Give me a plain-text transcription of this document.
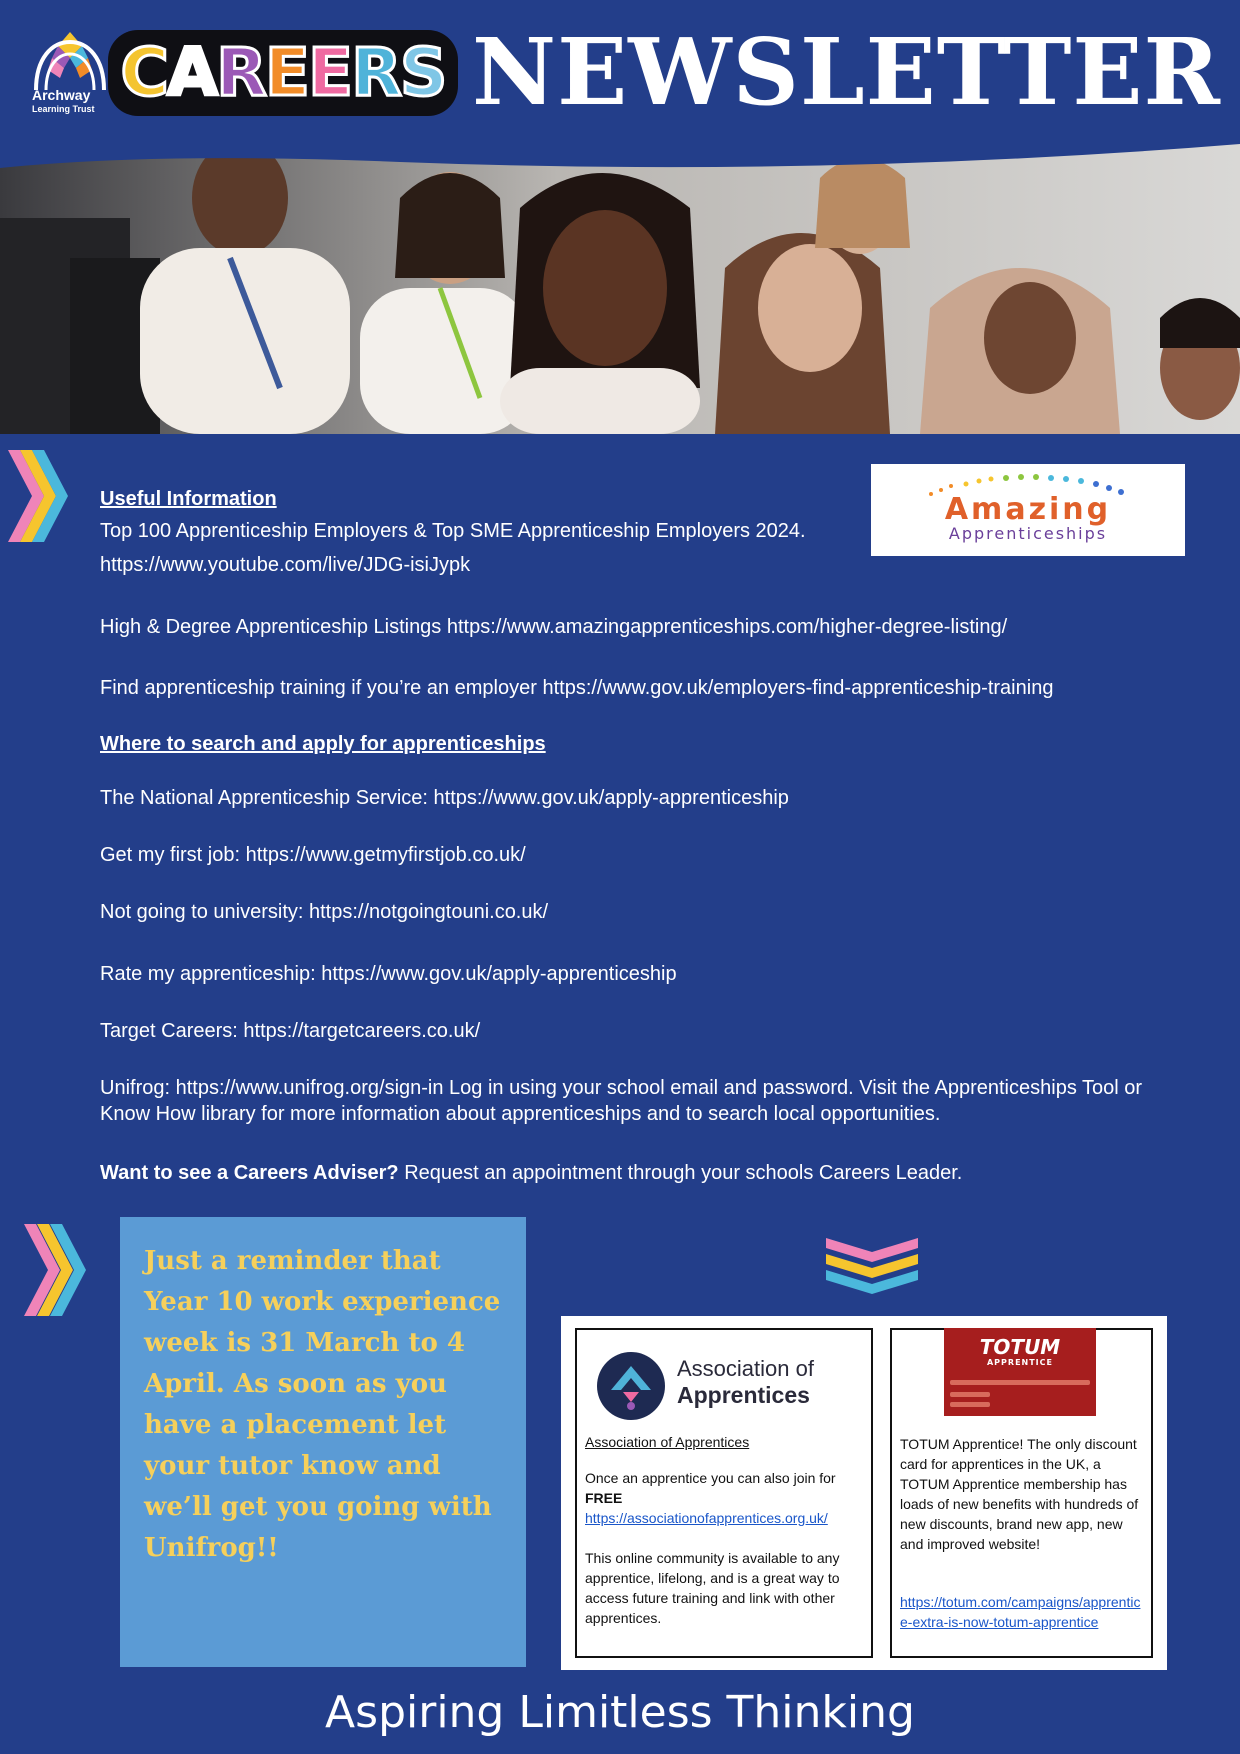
Archway
Learning Trust C A R E E R S NEWSLETTER
Amazing
Apprenticeships

Useful Information

Top 100 Apprenticeship Employers & Top SME Apprenticeship Employers 2024.

https://www.youtube.com/live/JDG-isiJypk

High & Degree Apprenticeship Listings https://www.amazingapprenticeships.com/higher-degree-listing/

Find apprenticeship training if you’re an employer https://www.gov.uk/employers-find-apprenticeship-training

Where to search and apply for apprenticeships

The National Apprenticeship Service: https://www.gov.uk/apply-apprenticeship

Get my first job: https://www.getmyfirstjob.co.uk/

Not going to university: https://notgoingtouni.co.uk/

Rate my apprenticeship: https://www.gov.uk/apply-apprenticeship

Target Careers: https://targetcareers.co.uk/

Unifrog: https://www.unifrog.org/sign-in Log in using your school email and password. Visit the Apprenticeships Tool or Know How library for more information about apprenticeships and to search local opportunities.

Want to see a Careers Adviser? Request an appointment through your schools Careers Leader.

Just a reminder that Year 10 work experience week is 31 March to 4 April. As soon as you have a placement let your tutor know and we’ll get you going with Unifrog!!
Association of
Apprentices

Association of Apprentices

Once an apprentice you can also join for

FREE

https://associationofapprentices.org.uk/

This online community is available to any apprentice, lifelong, and is a great way to access future training and link with other apprentices.

TOTUM
APPRENTICE

TOTUM Apprentice! The only discount card for apprentices in the UK, a TOTUM Apprentice membership has loads of new benefits with hundreds of new discounts, brand new app, new and improved website!

https://totum.com/campaigns/apprentice-extra-is-now-totum-apprentice

Aspiring Limitless Thinking
